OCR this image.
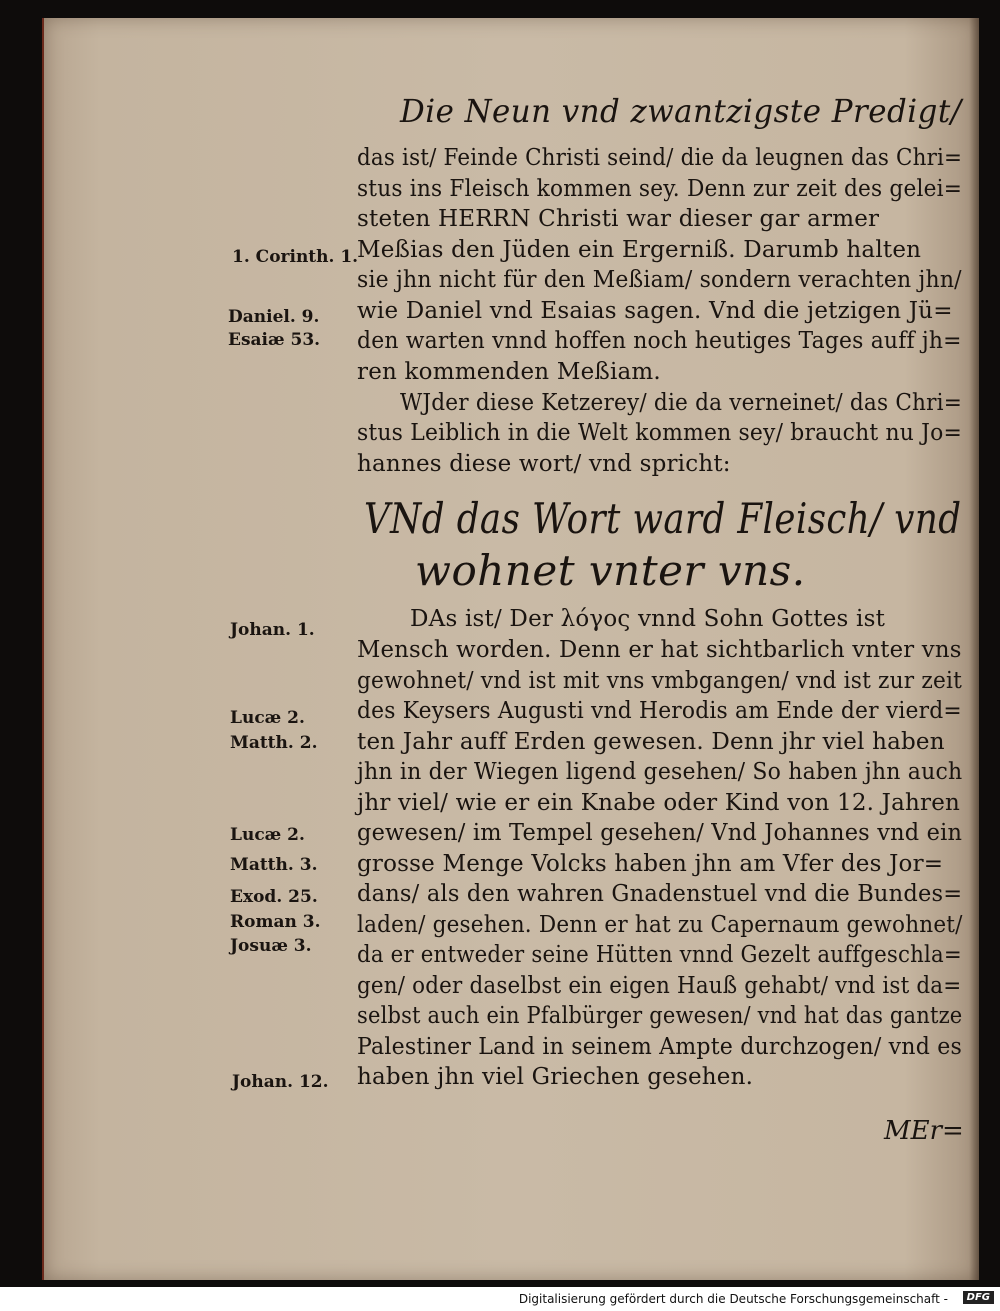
Die Neun vnd zwantzigste Predigt/
1. Corinth. 1.
Daniel. 9.
Esaiæ 53.
Johan. 1.
Lucæ 2.
Matth. 2.
Lucæ 2.
Matth. 3.
Exod. 25.
Roman 3.
Josuæ 3.
Johan. 12.
das ist/ Feinde Christi seind/ die da leugnen das Chri=
stus ins Fleisch kommen sey. Denn zur zeit des gelei=
steten HERRN Christi war dieser gar armer
Meßias den Jüden ein Ergerniß. Darumb halten
sie jhn nicht für den Meßiam/ sondern verachten jhn/
wie Daniel vnd Esaias sagen. Vnd die jetzigen Jü=
den warten vnnd hoffen noch heutiges Tages auff jh=
ren kommenden Meßiam.
WJder diese Ketzerey/ die da verneinet/ das Chri=
stus Leiblich in die Welt kommen sey/ braucht nu Jo=
hannes diese wort/ vnd spricht:
VNd das Wort ward Fleisch/ vnd
wohnet vnter vns.
DAs ist/ Der λόγος vnnd Sohn Gottes ist
Mensch worden. Denn er hat sichtbarlich vnter vns
gewohnet/ vnd ist mit vns vmbgangen/ vnd ist zur zeit
des Keysers Augusti vnd Herodis am Ende der vierd=
ten Jahr auff Erden gewesen. Denn jhr viel haben
jhn in der Wiegen ligend gesehen/ So haben jhn auch
jhr viel/ wie er ein Knabe oder Kind von 12. Jahren
gewesen/ im Tempel gesehen/ Vnd Johannes vnd ein
grosse Menge Volcks haben jhn am Vfer des Jor=
dans/ als den wahren Gnadenstuel vnd die Bundes=
laden/ gesehen. Denn er hat zu Capernaum gewohnet/
da er entweder seine Hütten vnnd Gezelt auffgeschla=
gen/ oder daselbst ein eigen Hauß gehabt/ vnd ist da=
selbst auch ein Pfalbürger gewesen/ vnd hat das gantze
Palestiner Land in seinem Ampte durchzogen/ vnd es
haben jhn viel Griechen gesehen.
MEr=
Digitalisierung gefördert durch die Deutsche Forschungsgemeinschaft -	DFG
